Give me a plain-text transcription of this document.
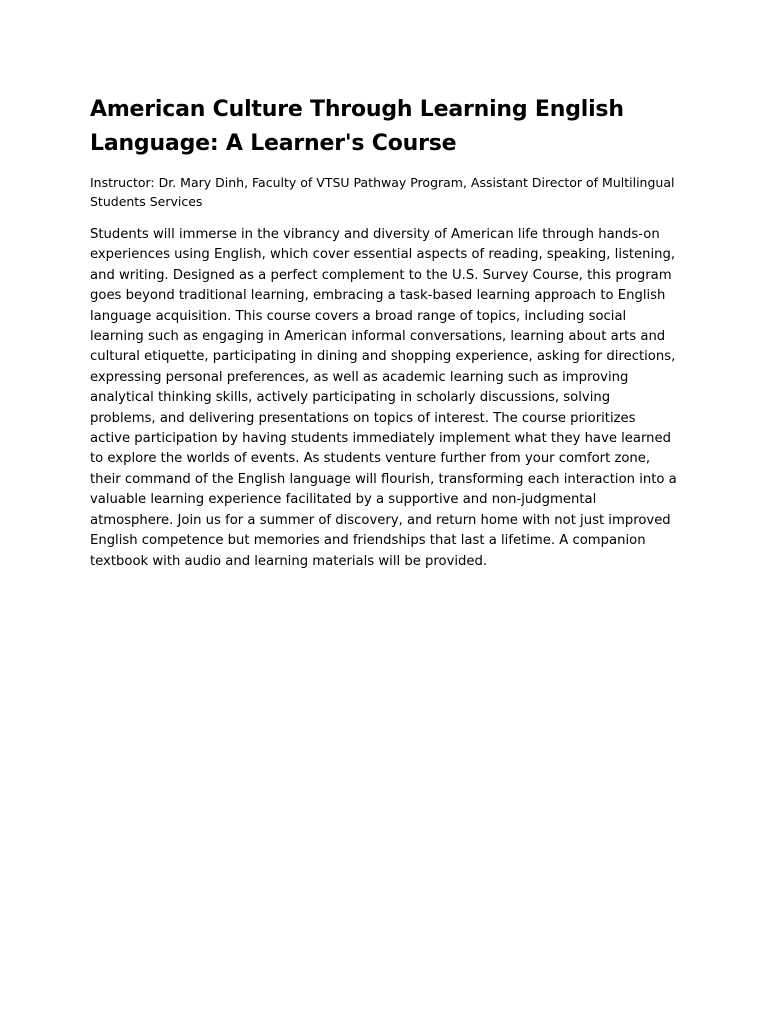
American Culture Through Learning English Language: A Learner's Course

Instructor: Dr. Mary Dinh, Faculty of VTSU Pathway Program, Assistant Director of Multilingual Students Services

Students will immerse in the vibrancy and diversity of American life through hands-on experiences using English, which cover essential aspects of reading, speaking, listening, and writing. Designed as a perfect complement to the U.S. Survey Course, this program goes beyond traditional learning, embracing a task-based learning approach to English language acquisition. This course covers a broad range of topics, including social learning such as engaging in American informal conversations, learning about arts and cultural etiquette, participating in dining and shopping experience, asking for directions, expressing personal preferences, as well as academic learning such as improving analytical thinking skills, actively participating in scholarly discussions, solving problems, and delivering presentations on topics of interest. The course prioritizes active participation by having students immediately implement what they have learned to explore the worlds of events. As students venture further from your comfort zone, their command of the English language will flourish, transforming each interaction into a valuable learning experience facilitated by a supportive and non-judgmental atmosphere. Join us for a summer of discovery, and return home with not just improved English competence but memories and friendships that last a lifetime. A companion textbook with audio and learning materials will be provided.
